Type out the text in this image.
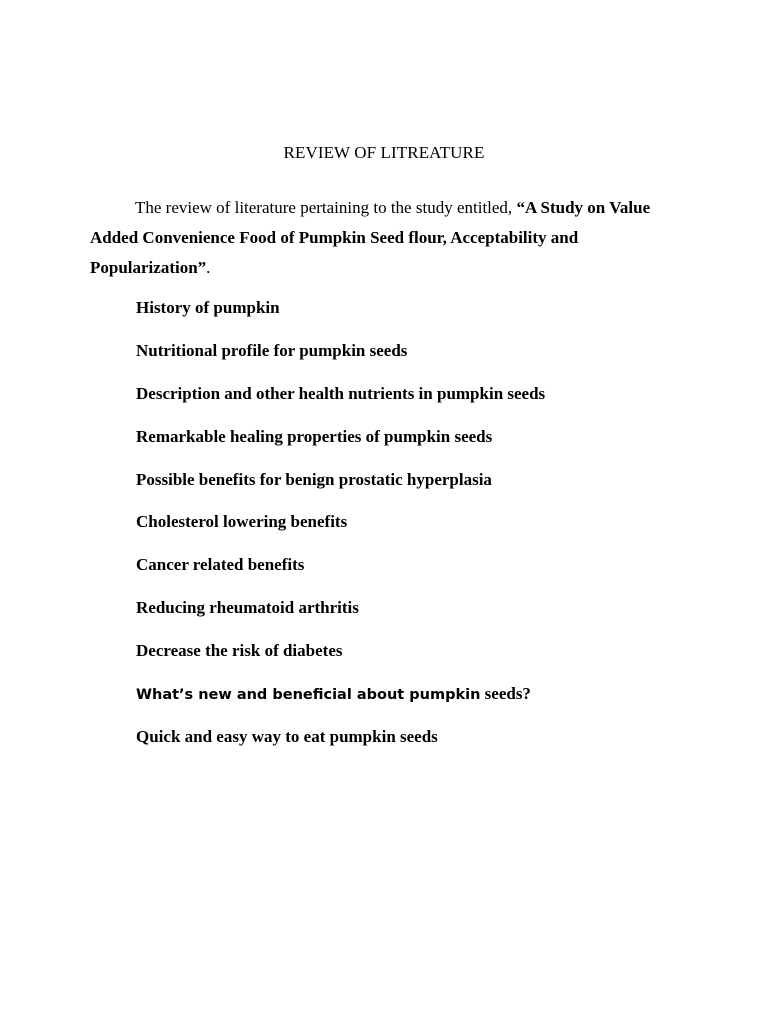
REVIEW OF LITREATURE
The review of literature pertaining to the study entitled, “A Study on Value
Added Convenience Food of Pumpkin Seed flour, Acceptability and
Popularization”.
History of pumpkin
Nutritional profile for pumpkin seeds
Description and other health nutrients in pumpkin seeds
Remarkable healing properties of pumpkin seeds
Possible benefits for benign prostatic hyperplasia
Cholesterol lowering benefits
Cancer related benefits
Reducing rheumatoid arthritis
Decrease the risk of diabetes
What’s new and beneficial about pumpkin seeds?
Quick and easy way to eat pumpkin seeds
